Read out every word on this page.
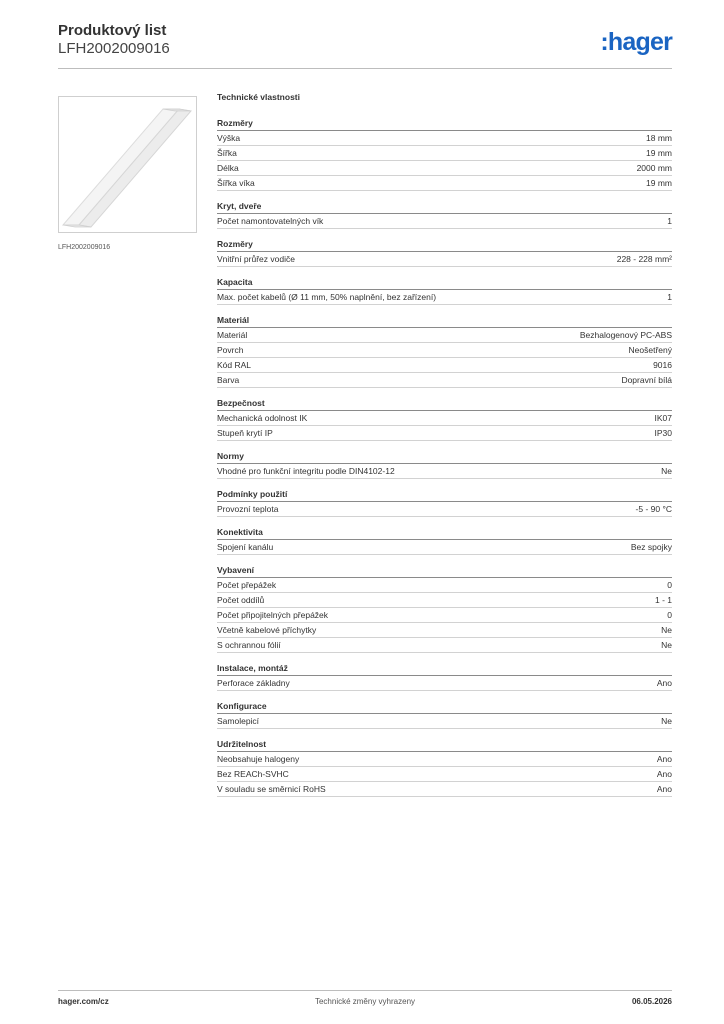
Produktový list
LFH2002009016	:hager
LFH2002009016
Technické vlastnosti
Rozměry
Výška	18 mm
Šířka	19 mm
Délka	2000 mm
Šířka víka	19 mm
Kryt, dveře
Počet namontovatelných vík	1
Rozměry
Vnitřní průřez vodiče	228 - 228 mm²
Kapacita
Max. počet kabelů (Ø 11 mm, 50% naplnění, bez zařízení)	1
Materiál
Materiál	Bezhalogenový PC-ABS
Povrch	Neošetřený
Kód RAL	9016
Barva	Dopravní bílá
Bezpečnost
Mechanická odolnost IK	IK07
Stupeň krytí IP	IP30
Normy
Vhodné pro funkční integritu podle DIN4102-12	Ne
Podmínky použití
Provozní teplota	-5 - 90 °C
Konektivita
Spojení kanálu	Bez spojky
Vybavení
Počet přepážek	0
Počet oddílů	1 - 1
Počet připojitelných přepážek	0
Včetně kabelové příchytky	Ne
S ochrannou fólií	Ne
Instalace, montáž
Perforace základny	Ano
Konfigurace
Samolepicí	Ne
Udržitelnost
Neobsahuje halogeny	Ano
Bez REACh-SVHC	Ano
V souladu se směrnicí RoHS	Ano
hager.com/cz	Technické změny vyhrazeny	06.05.2026
